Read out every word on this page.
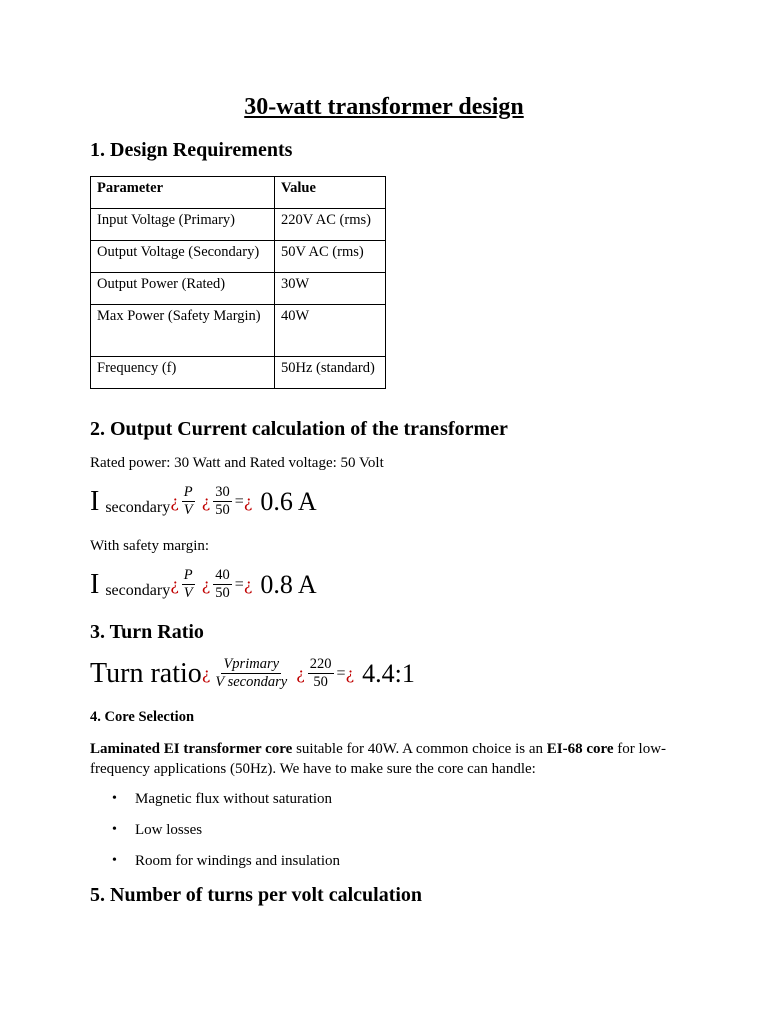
30-watt transformer design
1. Design Requirements
Parameter	Value
Input Voltage (Primary)	220V AC (rms)
Output Voltage (Secondary)	50V AC (rms)
Output Power (Rated)	30W
Max Power (Safety Margin)	40W
Frequency (f)	50Hz (standard)
2. Output Current calculation of the transformer

Rated power: 30 Watt and Rated voltage: 50 Volt

I secondary ¿ $\frac{P}{V}$ ¿ $\frac{30}{50}$ = ¿ 0.6 A

With safety margin:

I secondary ¿ $\frac{P}{V}$ ¿ $\frac{40}{50}$ = ¿ 0.8 A
3. Turn Ratio
Turn ratio ¿ $\frac{\text{Vprimary}}{\text{V secondary}}$ ¿ $\frac{220}{50}$ = ¿ 4.4:1
4. Core Selection

Laminated EI transformer core suitable for 40W. A common choice is an EI-68 core for low-frequency applications (50Hz). We have to make sure the core can handle:

• Magnetic flux without saturation
• Low losses
• Room for windings and insulation
5. Number of turns per volt calculation
